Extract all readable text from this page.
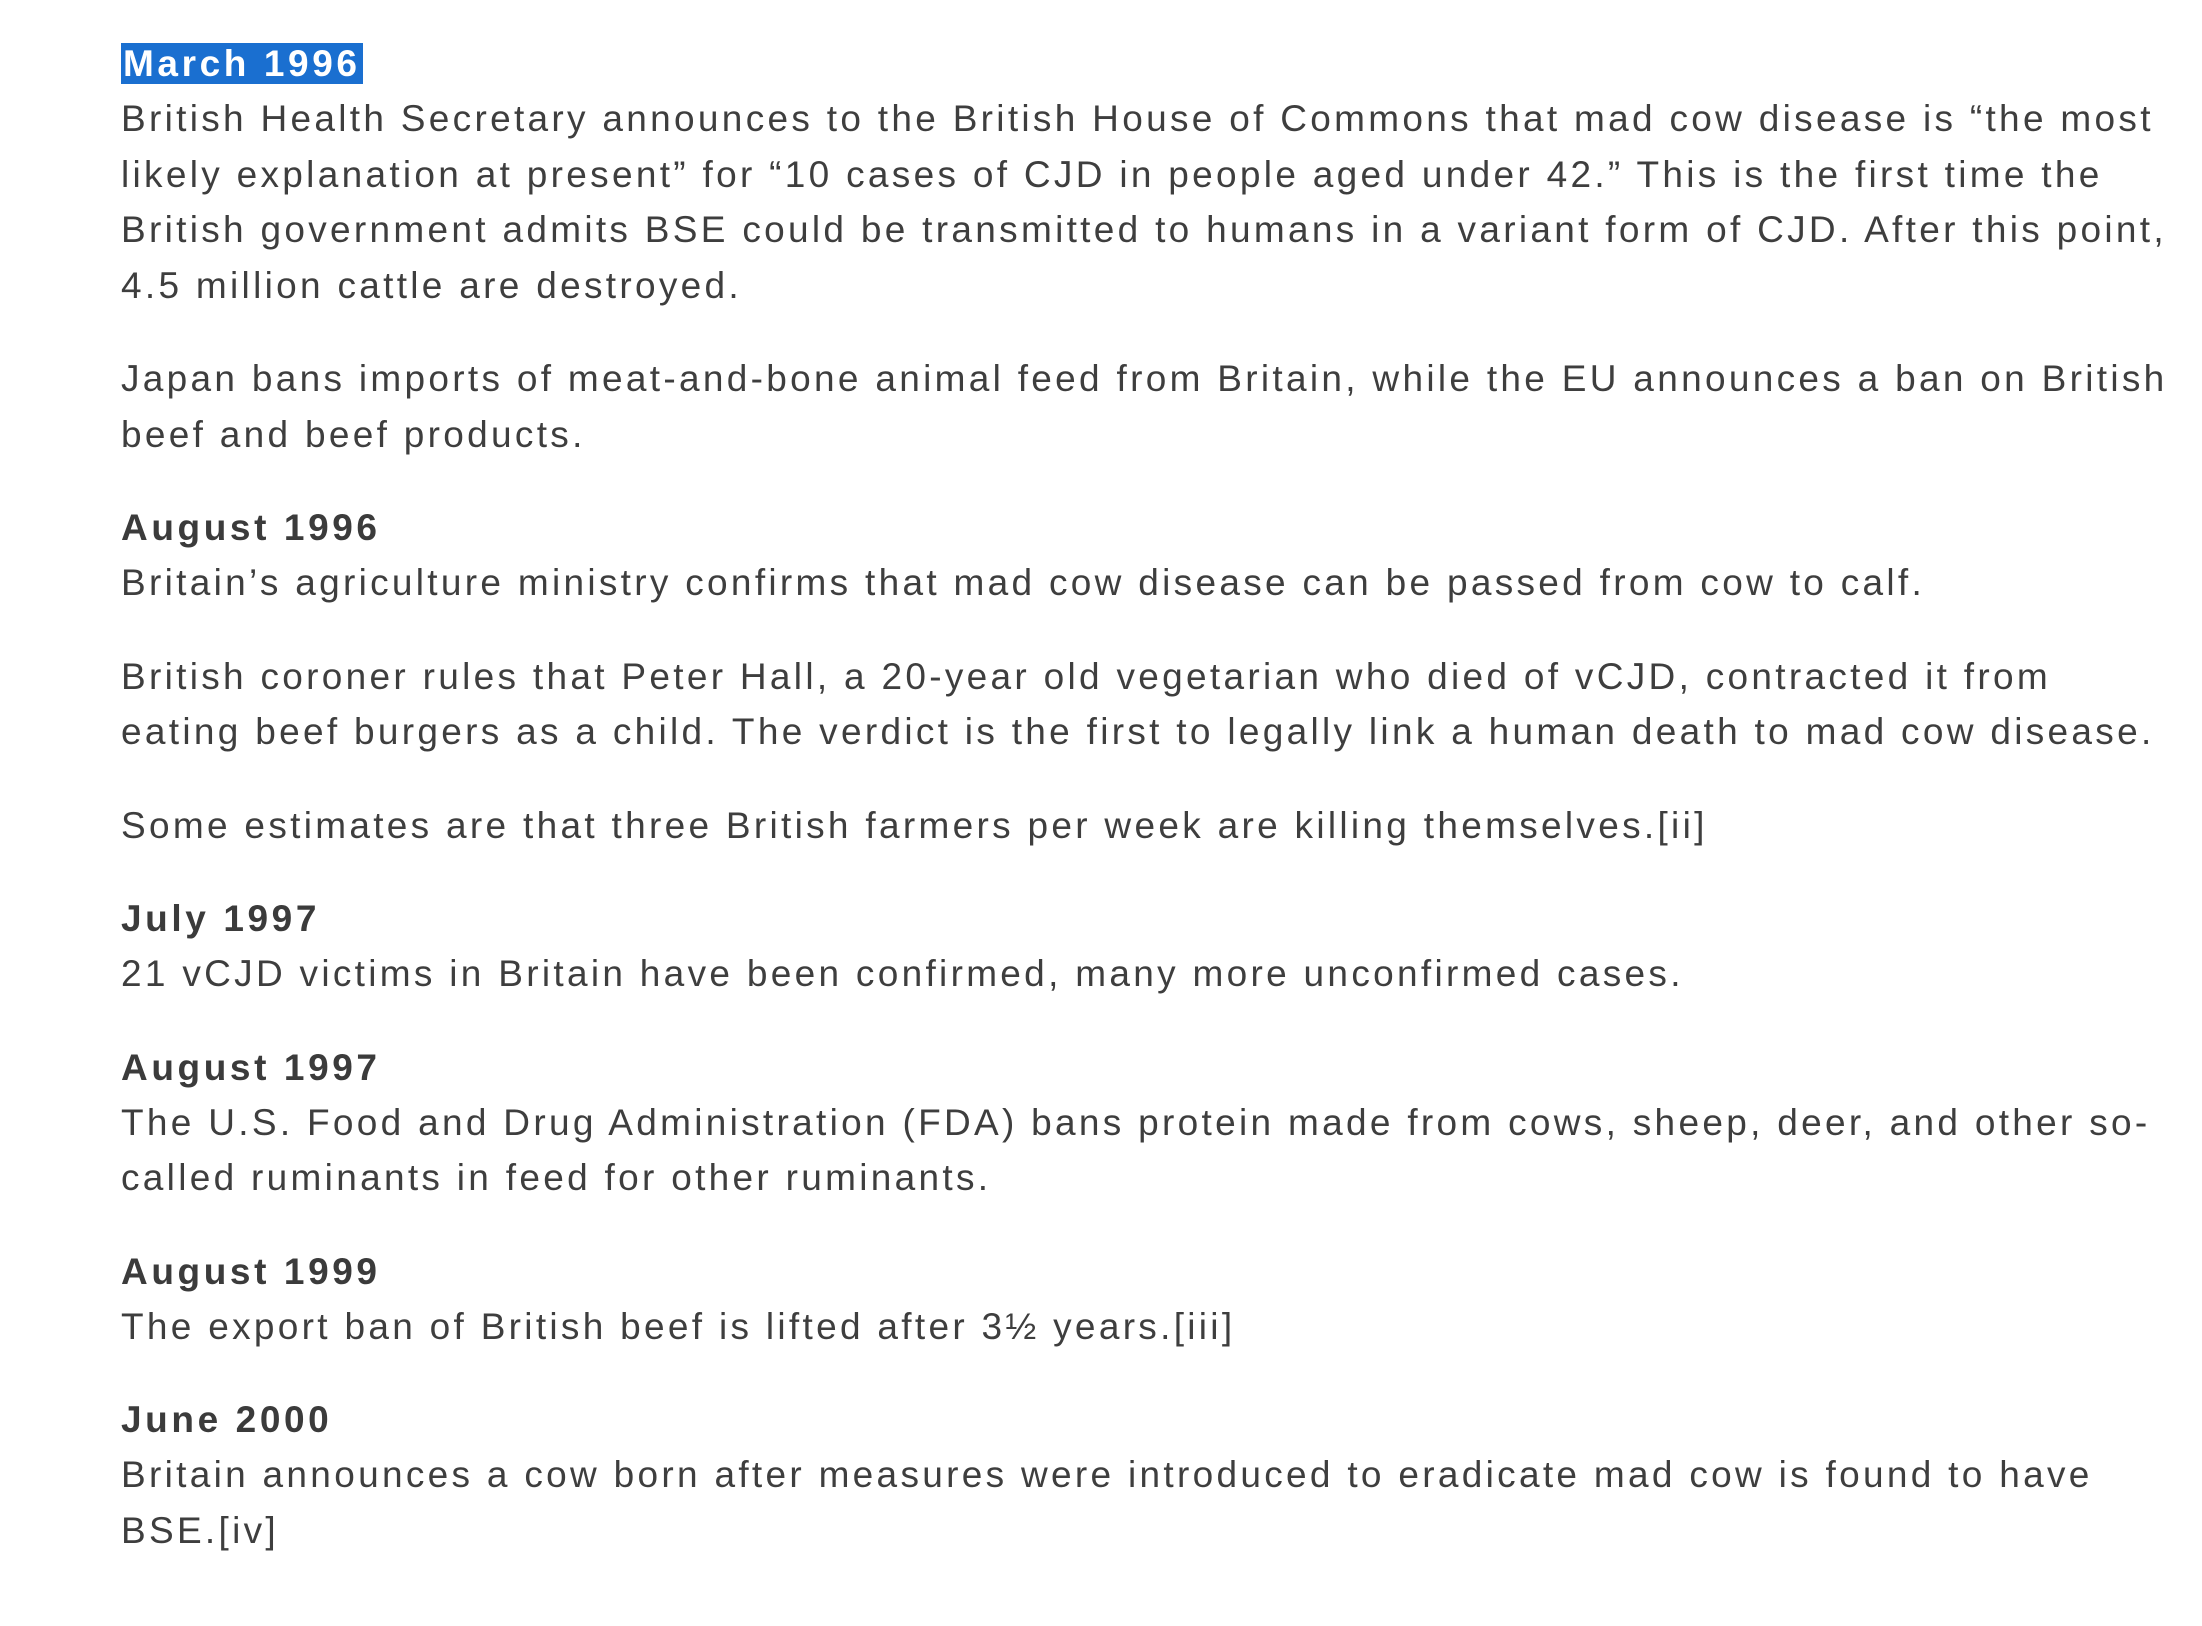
March 1996

British Health Secretary announces to the British House of Commons that mad cow disease is “the most likely explanation at present” for “10 cases of CJD in people aged under 42.” This is the first time the British government admits BSE could be transmitted to humans in a variant form of CJD. After this point, 4.5 million cattle are destroyed.

Japan bans imports of meat-and-bone animal feed from Britain, while the EU announces a ban on British beef and beef products.

August 1996

Britain’s agriculture ministry confirms that mad cow disease can be passed from cow to calf.

British coroner rules that Peter Hall, a 20-year old vegetarian who died of vCJD, contracted it from eating beef burgers as a child. The verdict is the first to legally link a human death to mad cow disease.

Some estimates are that three British farmers per week are killing themselves.[ii]

July 1997

21 vCJD victims in Britain have been confirmed, many more unconfirmed cases.

August 1997

The U.S. Food and Drug Administration (FDA) bans protein made from cows, sheep, deer, and other so-called ruminants in feed for other ruminants.

August 1999

The export ban of British beef is lifted after 3½ years.[iii]

June 2000

Britain announces a cow born after measures were introduced to eradicate mad cow is found to have BSE.[iv]
